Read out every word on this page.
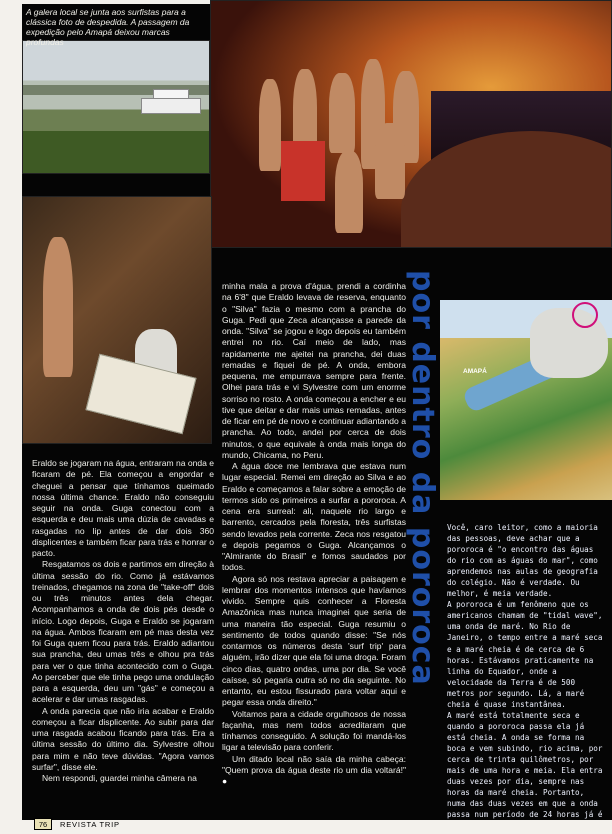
A galera local se junta aos surfistas para a clássica foto de despedida. A passagem da expedição pelo Amapá deixou marcas profundas
por dentro da pororoca	AMAPÁ

Eraldo se jogaram na água, entraram na onda e ficaram de pé. Ela começou a engordar e cheguei a pensar que tínhamos queimado nossa última chance. Eraldo não conseguiu seguir na onda. Guga conectou com a esquerda e deu mais uma dúzia de cavadas e rasgadas no lip antes de dar dois 360 displicentes e também ficar para trás e honrar o pacto.

Resgatamos os dois e partimos em direção à última sessão do rio. Como já estávamos treinados, chegamos na zona de "take-off" dois ou três minutos antes dela chegar. Acompanhamos a onda de dois pés desde o início. Logo depois, Guga e Eraldo se jogaram na água. Ambos ficaram em pé mas desta vez foi Guga quem ficou para trás. Eraldo adiantou sua prancha, deu umas três e olhou pra trás para ver o que tinha acontecido com o Guga. Ao perceber que ele tinha pego uma ondulação para a esquerda, deu um "gás" e começou a acelerar e dar umas rasgadas.

A onda parecia que não iria acabar e Eraldo começou a ficar displicente. Ao subir para dar uma rasgada acabou ficando para trás. Era a última sessão do último dia. Sylvestre olhou para mim e não teve dúvidas. "Agora vamos surfar", disse ele.

Nem respondi, guardei minha câmera na

minha mala a prova d'água, prendi a cordinha na 6'8" que Eraldo levava de reserva, enquanto o "Silva" fazia o mesmo com a prancha do Guga. Pedi que Zeca alcançasse a parede da onda. "Silva" se jogou e logo depois eu também entrei no rio. Caí meio de lado, mas rapidamente me ajeitei na prancha, dei duas remadas e fiquei de pé. A onda, embora pequena, me empurrava sempre para frente. Olhei para trás e vi Sylvestre com um enorme sorriso no rosto. A onda começou a encher e eu tive que deitar e dar mais umas remadas, antes de ficar em pé de novo e continuar adiantando a prancha. Ao todo, andei por cerca de dois minutos, o que equivale à onda mais longa do mundo, Chicama, no Peru.

A água doce me lembrava que estava num lugar especial. Remei em direção ao Silva e ao Eraldo e começamos a falar sobre a emoção de termos sido os primeiros a surfar a pororoca. A cena era surreal: ali, naquele rio largo e barrento, cercados pela floresta, três surfistas sendo levados pela corrente. Zeca nos resgatou e depois pegamos o Guga. Alcançamos o "Almirante do Brasil" e fomos saudados por todos.

Agora só nos restava apreciar a paisagem e lembrar dos momentos intensos que havíamos vivido. Sempre quis conhecer a Floresta Amazônica mas nunca imaginei que seria de uma maneira tão especial. Guga resumiu o sentimento de todos quando disse: "Se nós contarmos os números desta 'surf trip' para alguém, irão dizer que ela foi uma droga. Foram cinco dias, quatro ondas, uma por dia. Se você caísse, só pegaria outra só no dia seguinte. No entanto, eu estou fissurado para voltar aqui e pegar essa onda direito."

Voltamos para a cidade orgulhosos de nossa façanha, mas nem todos acreditaram que tínhamos conseguido. A solução foi mandá-los ligar a televisão para conferir.

Um ditado local não saía da minha cabeça: "Quem prova da água deste rio um dia voltará!" ●

Você, caro leitor, como a maioria das pessoas, deve achar que a pororoca é "o encontro das águas do rio com as águas do mar", como aprendemos nas aulas de geografia do colégio. Não é verdade. Ou melhor, é meia verdade.

A pororoca é um fenômeno que os americanos chamam de "tidal wave", uma onda de maré. No Rio de Janeiro, o tempo entre a maré seca e a maré cheia é de cerca de 6 horas. Estávamos praticamente na linha do Equador, onde a velocidade da Terra é de 500 metros por segundo. Lá, a maré cheia é quase instantânea.

A maré está totalmente seca e quando a pororoca passa ela já está cheia. A onda se forma na boca e vem subindo, rio acima, por cerca de trinta quilômetros, por mais de uma hora e meia. Ela entra duas vezes por dia, sempre nas horas da maré cheia. Portanto, numa das duas vezes em que a onda passa num período de 24 horas já é

76	REVISTA TRIP
